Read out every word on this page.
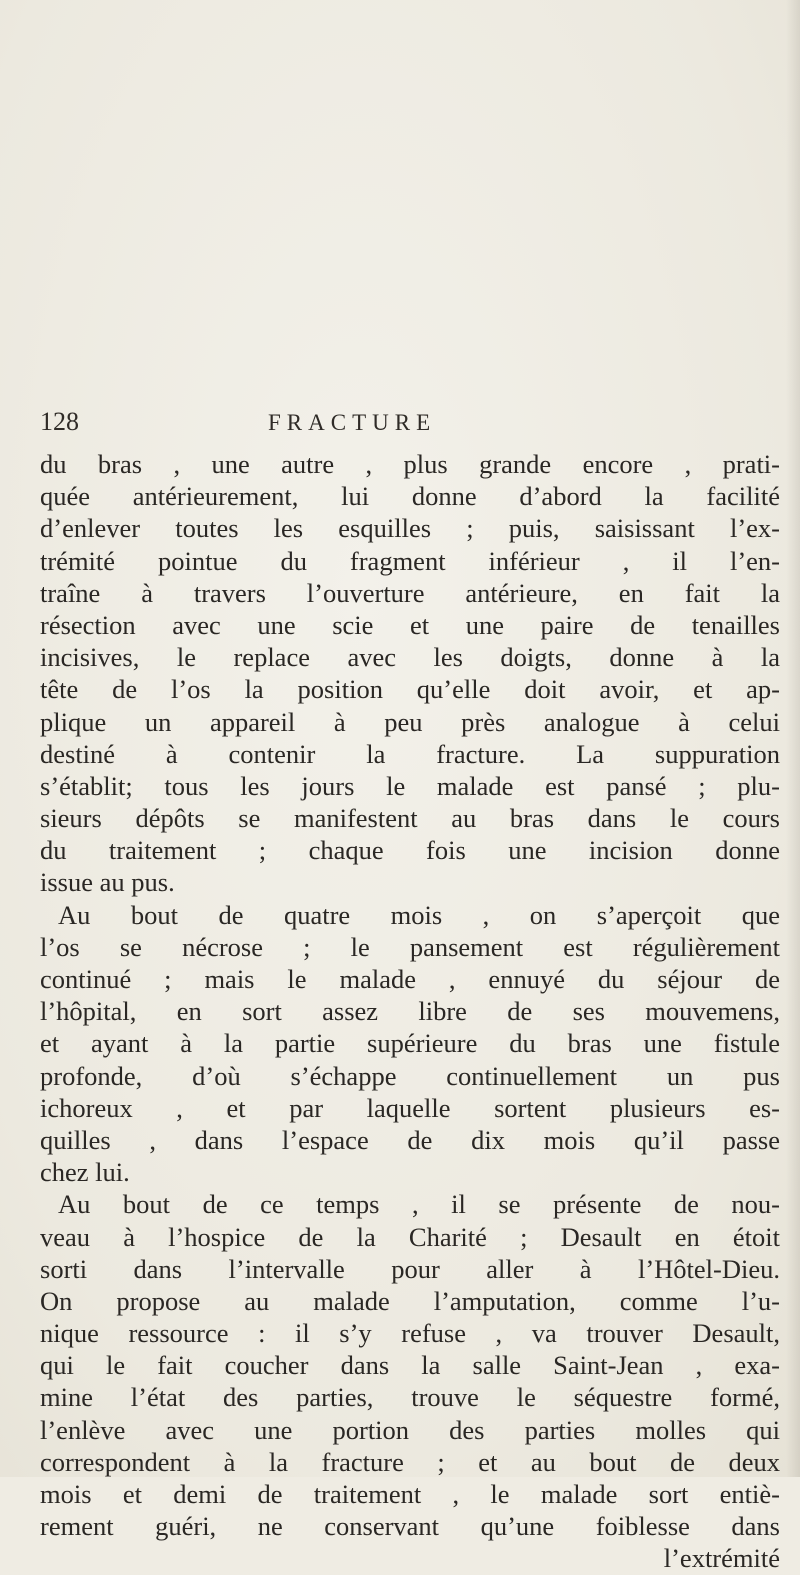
128	FRACTURE
du bras , une autre , plus grande encore , prati-
quée antérieurement, lui donne d’abord la facilité
d’enlever toutes les esquilles ; puis, saisissant l’ex-
trémité pointue du fragment inférieur , il l’en-
traîne à travers l’ouverture antérieure, en fait la
résection avec une scie et une paire de tenailles
incisives, le replace avec les doigts, donne à la
tête de l’os la position qu’elle doit avoir, et ap-
plique un appareil à peu près analogue à celui
destiné à contenir la fracture. La suppuration
s’établit; tous les jours le malade est pansé ; plu-
sieurs dépôts se manifestent au bras dans le cours
du traitement ; chaque fois une incision donne
issue au pus.
Au bout de quatre mois , on s’aperçoit que
l’os se nécrose ; le pansement est régulièrement
continué ; mais le malade , ennuyé du séjour de
l’hôpital, en sort assez libre de ses mouvemens,
et ayant à la partie supérieure du bras une fistule
profonde, d’où s’échappe continuellement un pus
ichoreux , et par laquelle sortent plusieurs es-
quilles , dans l’espace de dix mois qu’il passe
chez lui.
Au bout de ce temps , il se présente de nou-
veau à l’hospice de la Charité ; Desault en étoit
sorti dans l’intervalle pour aller à l’Hôtel-Dieu.
On propose au malade l’amputation, comme l’u-
nique ressource : il s’y refuse , va trouver Desault,
qui le fait coucher dans la salle Saint-Jean , exa-
mine l’état des parties, trouve le séquestre formé,
l’enlève avec une portion des parties molles qui
correspondent à la fracture ; et au bout de deux
mois et demi de traitement , le malade sort entiè-
rement guéri, ne conservant qu’une foiblesse dans
l’extrémité
